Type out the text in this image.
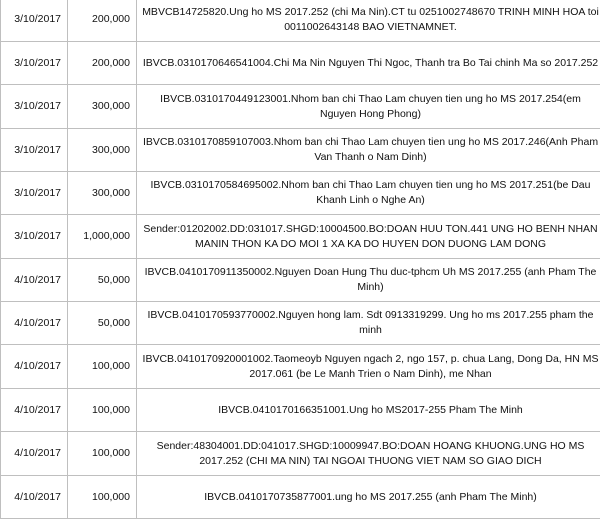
3/10/2017	200,000	MBVCB14725820.Ung ho MS 2017.252 (chi Ma Nin).CT tu 0251002748670 TRINH MINH HOA toi 0011002643148 BAO VIETNAMNET.
3/10/2017	200,000	IBVCB.0310170646541004.Chi Ma Nin Nguyen Thi Ngoc, Thanh tra Bo Tai chinh Ma so 2017.252
3/10/2017	300,000	IBVCB.0310170449123001.Nhom ban chi Thao Lam chuyen tien ung ho MS 2017.254(em Nguyen Hong Phong)
3/10/2017	300,000	IBVCB.0310170859107003.Nhom ban chi Thao Lam chuyen tien ung ho MS 2017.246(Anh Pham Van Thanh o Nam Dinh)
3/10/2017	300,000	IBVCB.0310170584695002.Nhom ban chi Thao Lam chuyen tien ung ho MS 2017.251(be Dau Khanh Linh o Nghe An)
3/10/2017	1,000,000	Sender:01202002.DD:031017.SHGD:10004500.BO:DOAN HUU TON.441 UNG HO BENH NHAN MANIN THON KA DO MOI 1 XA KA DO HUYEN DON DUONG LAM DONG
4/10/2017	50,000	IBVCB.0410170911350002.Nguyen Doan Hung Thu duc-tphcm Uh MS 2017.255 (anh Pham The Minh)
4/10/2017	50,000	IBVCB.0410170593770002.Nguyen hong lam. Sdt 0913319299. Ung ho ms 2017.255 pham the minh
4/10/2017	100,000	IBVCB.0410170920001002.Taomeoyb Nguyen ngach 2, ngo 157, p. chua Lang, Dong Da, HN MS 2017.061 (be Le Manh Trien o Nam Dinh), me Nhan
4/10/2017	100,000	IBVCB.0410170166351001.Ung ho MS2017-255 Pham The Minh
4/10/2017	100,000	Sender:48304001.DD:041017.SHGD:10009947.BO:DOAN HOANG KHUONG.UNG HO MS 2017.252 (CHI MA NIN) TAI NGOAI THUONG VIET NAM SO GIAO DICH
4/10/2017	100,000	IBVCB.0410170735877001.ung ho MS 2017.255 (anh Pham The Minh)
